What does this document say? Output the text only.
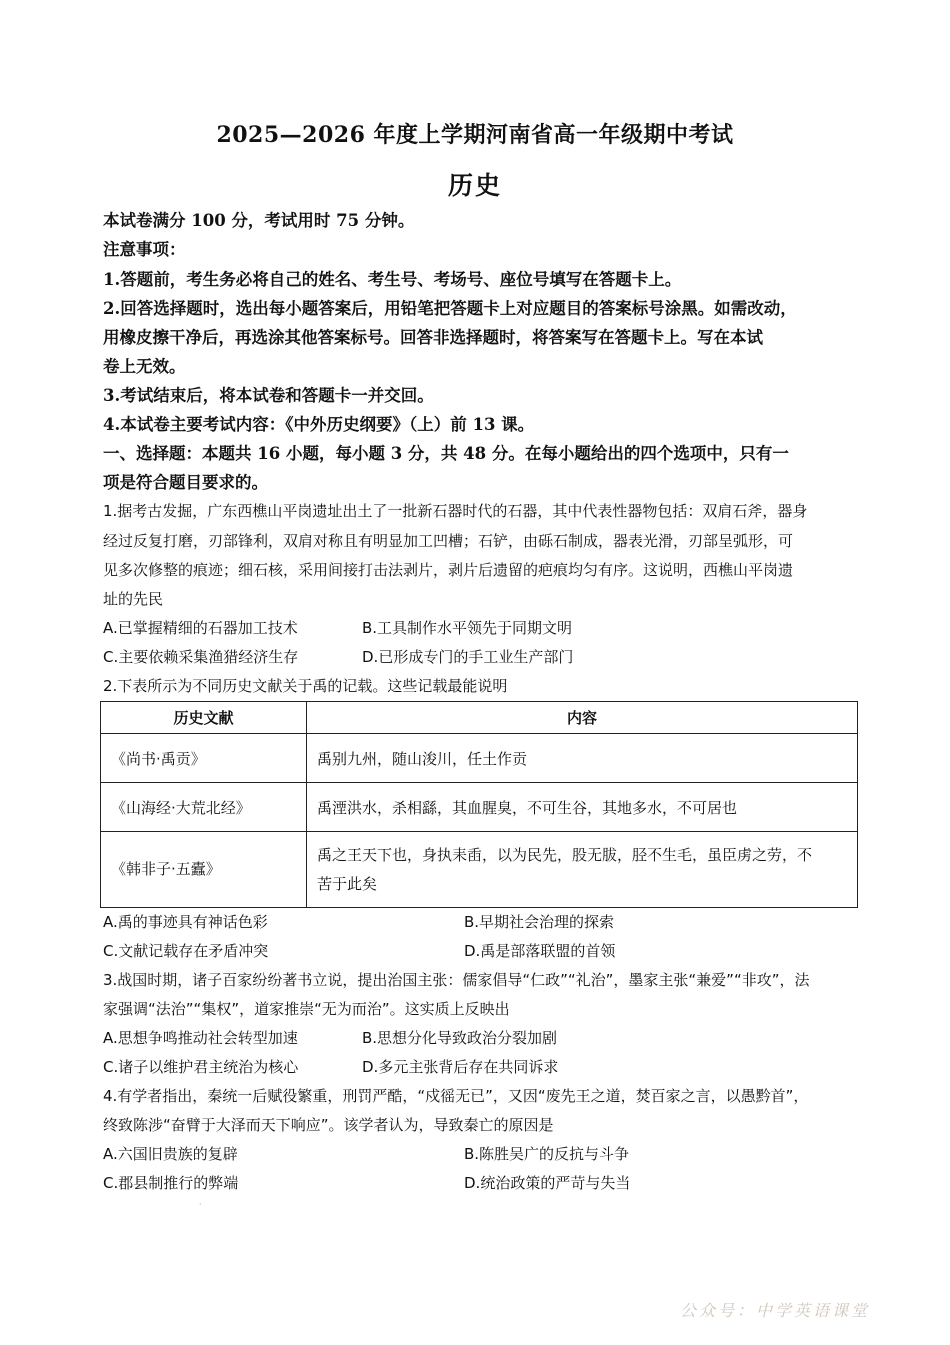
2025—2026 年度上学期河南省高一年级期中考试
历史
本试卷满分 100 分，考试用时 75 分钟。
注意事项：
1.答题前，考生务必将自己的姓名、考生号、考场号、座位号填写在答题卡上。
2.回答选择题时，选出每小题答案后，用铅笔把答题卡上对应题目的答案标号涂黑。如需改动，
用橡皮擦干净后，再选涂其他答案标号。回答非选择题时，将答案写在答题卡上。写在本试
卷上无效。
3.考试结束后，将本试卷和答题卡一并交回。
4.本试卷主要考试内容：《中外历史纲要》（上）前 13 课。
一、选择题：本题共 16 小题，每小题 3 分，共 48 分。在每小题给出的四个选项中，只有一
项是符合题目要求的。
1.据考古发掘，广东西樵山平岗遗址出土了一批新石器时代的石器，其中代表性器物包括：双肩石斧，器身
经过反复打磨，刃部锋利，双肩对称且有明显加工凹槽；石铲，由砾石制成，器表光滑，刃部呈弧形，可
见多次修整的痕迹；细石核，采用间接打击法剥片，剥片后遗留的疤痕均匀有序。这说明，西樵山平岗遗
址的先民
A.已掌握精细的石器加工技术	B.工具制作水平领先于同期文明
C.主要依赖采集渔猎经济生存	D.已形成专门的手工业生产部门
2.下表所示为不同历史文献关于禹的记载。这些记载最能说明
历史文献	内容
《尚书·禹贡》	禹别九州，随山浚川，任土作贡
《山海经·大荒北经》	禹湮洪水，杀相繇，其血腥臭，不可生谷，其地多水，不可居也
《韩非子·五蠹》	禹之王天下也，身执耒臿，以为民先，股无胈，胫不生毛，虽臣虏之劳，不
苦于此矣
A.禹的事迹具有神话色彩	B.早期社会治理的探索
C.文献记载存在矛盾冲突	D.禹是部落联盟的首领
3.战国时期，诸子百家纷纷著书立说，提出治国主张：儒家倡导“仁政”“礼治”，墨家主张“兼爱”“非攻”，法
家强调“法治”“集权”，道家推崇“无为而治”。这实质上反映出
A.思想争鸣推动社会转型加速	B.思想分化导致政治分裂加剧
C.诸子以维护君主统治为核心	D.多元主张背后存在共同诉求
4.有学者指出，秦统一后赋役繁重，刑罚严酷，“戍徭无已”，又因“废先王之道，焚百家之言，以愚黔首”，
终致陈涉“奋臂于大泽而天下响应”。该学者认为，导致秦亡的原因是
A.六国旧贵族的复辟	B.陈胜吴广的反抗与斗争
C.郡县制推行的弊端	D.统治政策的严苛与失当
·
公众号：中学英语课堂
